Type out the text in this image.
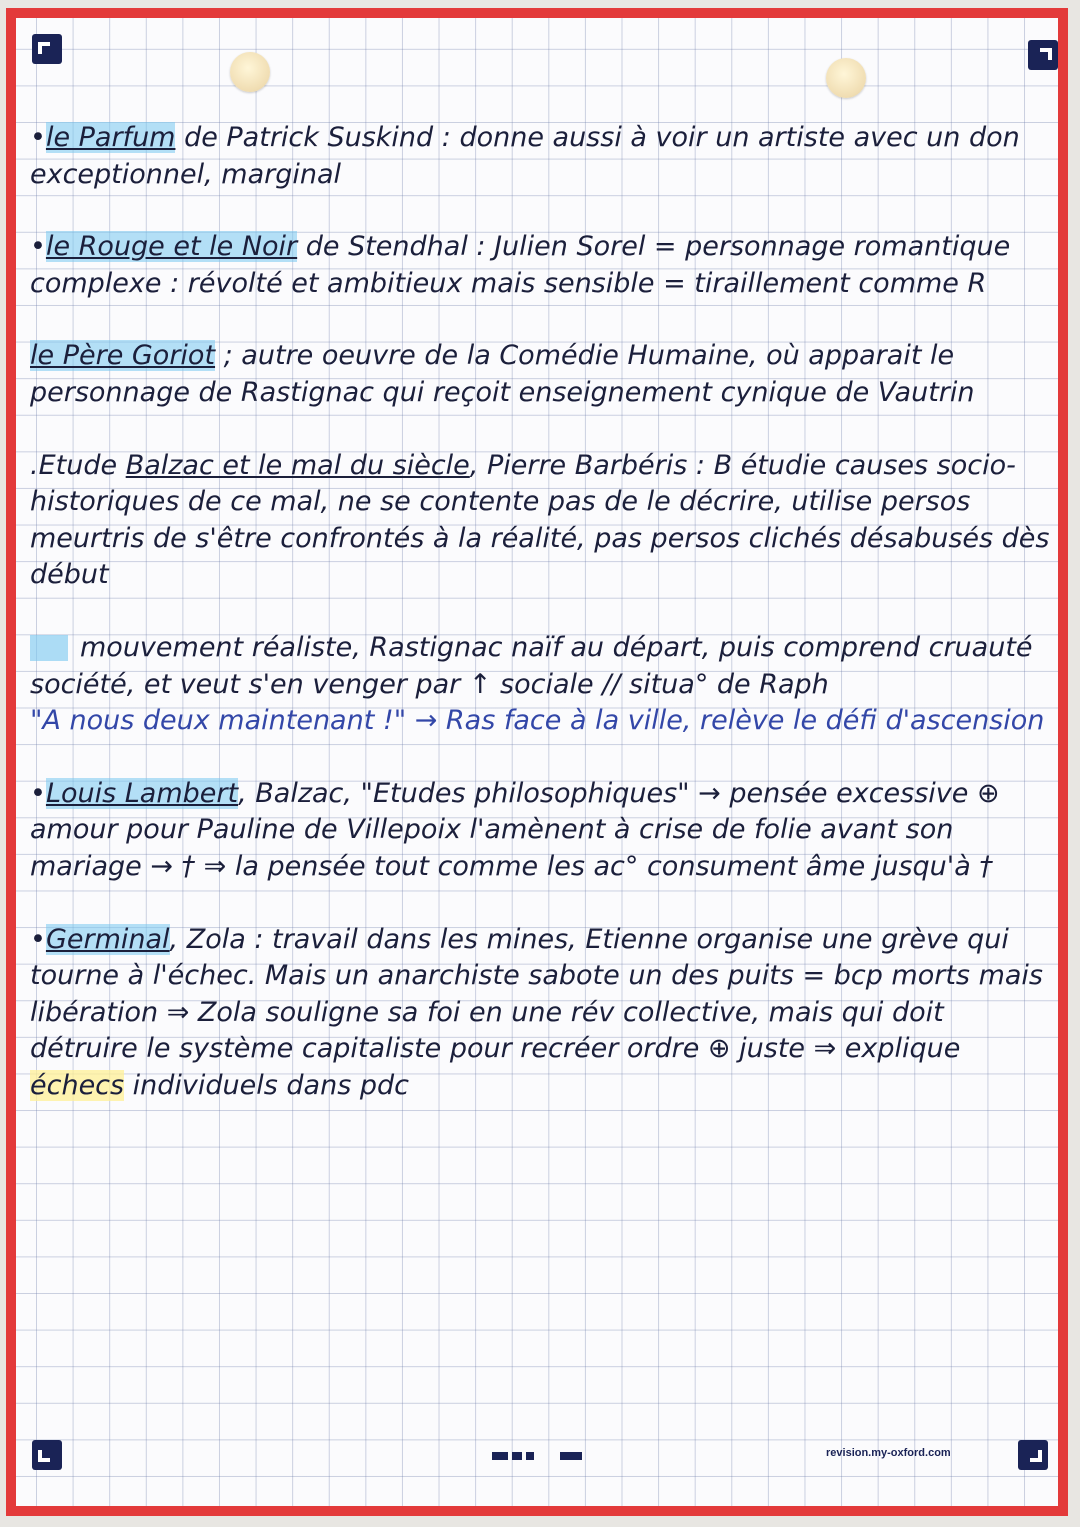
•le Parfum de Patrick Suskind : donne aussi à voir un artiste avec un don exceptionnel, marginal

•le Rouge et le Noir de Stendhal : Julien Sorel = personnage romantique complexe : révolté et ambitieux mais sensible = tiraillement comme R

le Père Goriot ; autre oeuvre de la Comédie Humaine, où apparait le personnage de Rastignac qui reçoit enseignement cynique de Vautrin

.Etude Balzac et le mal du siècle, Pierre Barbéris : B étudie causes socio-historiques de ce mal, ne se contente pas de le décrire, utilise persos meurtris de s'être confrontés à la réalité, pas persos clichés désabusés dès début

mouvement réaliste, Rastignac naïf au départ, puis comprend cruauté société, et veut s'en venger par ↑ sociale // situa° de Raph
"A nous deux maintenant !" → Ras face à la ville, relève le défi d'ascension

•Louis Lambert, Balzac, "Etudes philosophiques" → pensée excessive ⊕ amour pour Pauline de Villepoix l'amènent à crise de folie avant son mariage → † ⇒ la pensée tout comme les ac° consument âme jusqu'à †

•Germinal, Zola : travail dans les mines, Etienne organise une grève qui tourne à l'échec. Mais un anarchiste sabote un des puits = bcp morts mais libération ⇒ Zola souligne sa foi en une rév collective, mais qui doit détruire le système capitaliste pour recréer ordre ⊕ juste ⇒ explique échecs individuels dans pdc

revision.my-oxford.com
